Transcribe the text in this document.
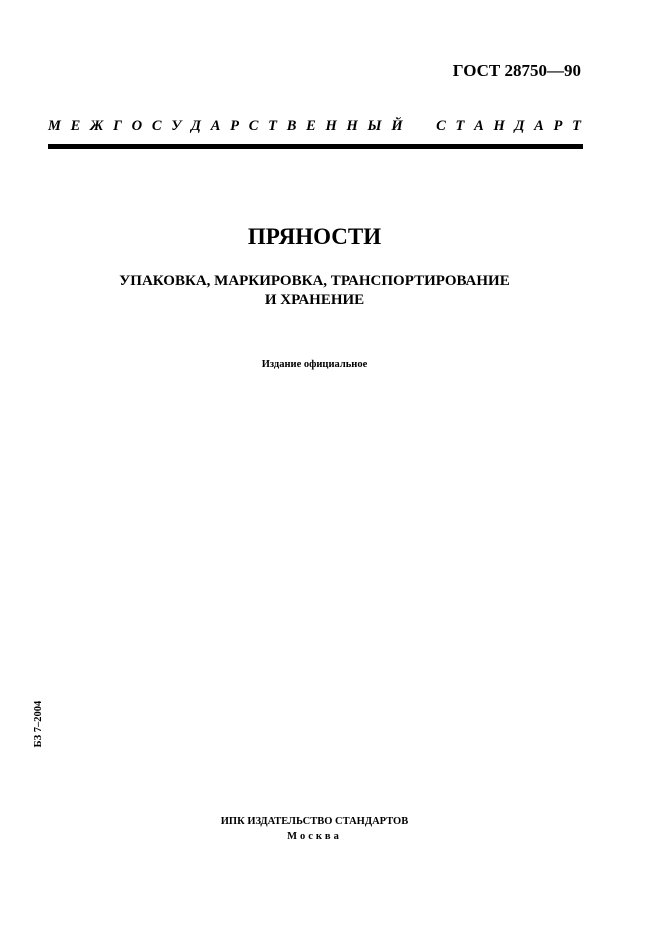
ГОСТ 28750—90
М Е Ж Г О С У Д А Р С Т В Е Н Н Ы Й
С Т А Н Д А Р Т
ПРЯНОСТИ
УПАКОВКА, МАРКИРОВКА, ТРАНСПОРТИРОВАНИЕ
И ХРАНЕНИЕ
Издание официальное
БЗ 7–2004
ИПК ИЗДАТЕЛЬСТВО СТАНДАРТОВ
Москва
